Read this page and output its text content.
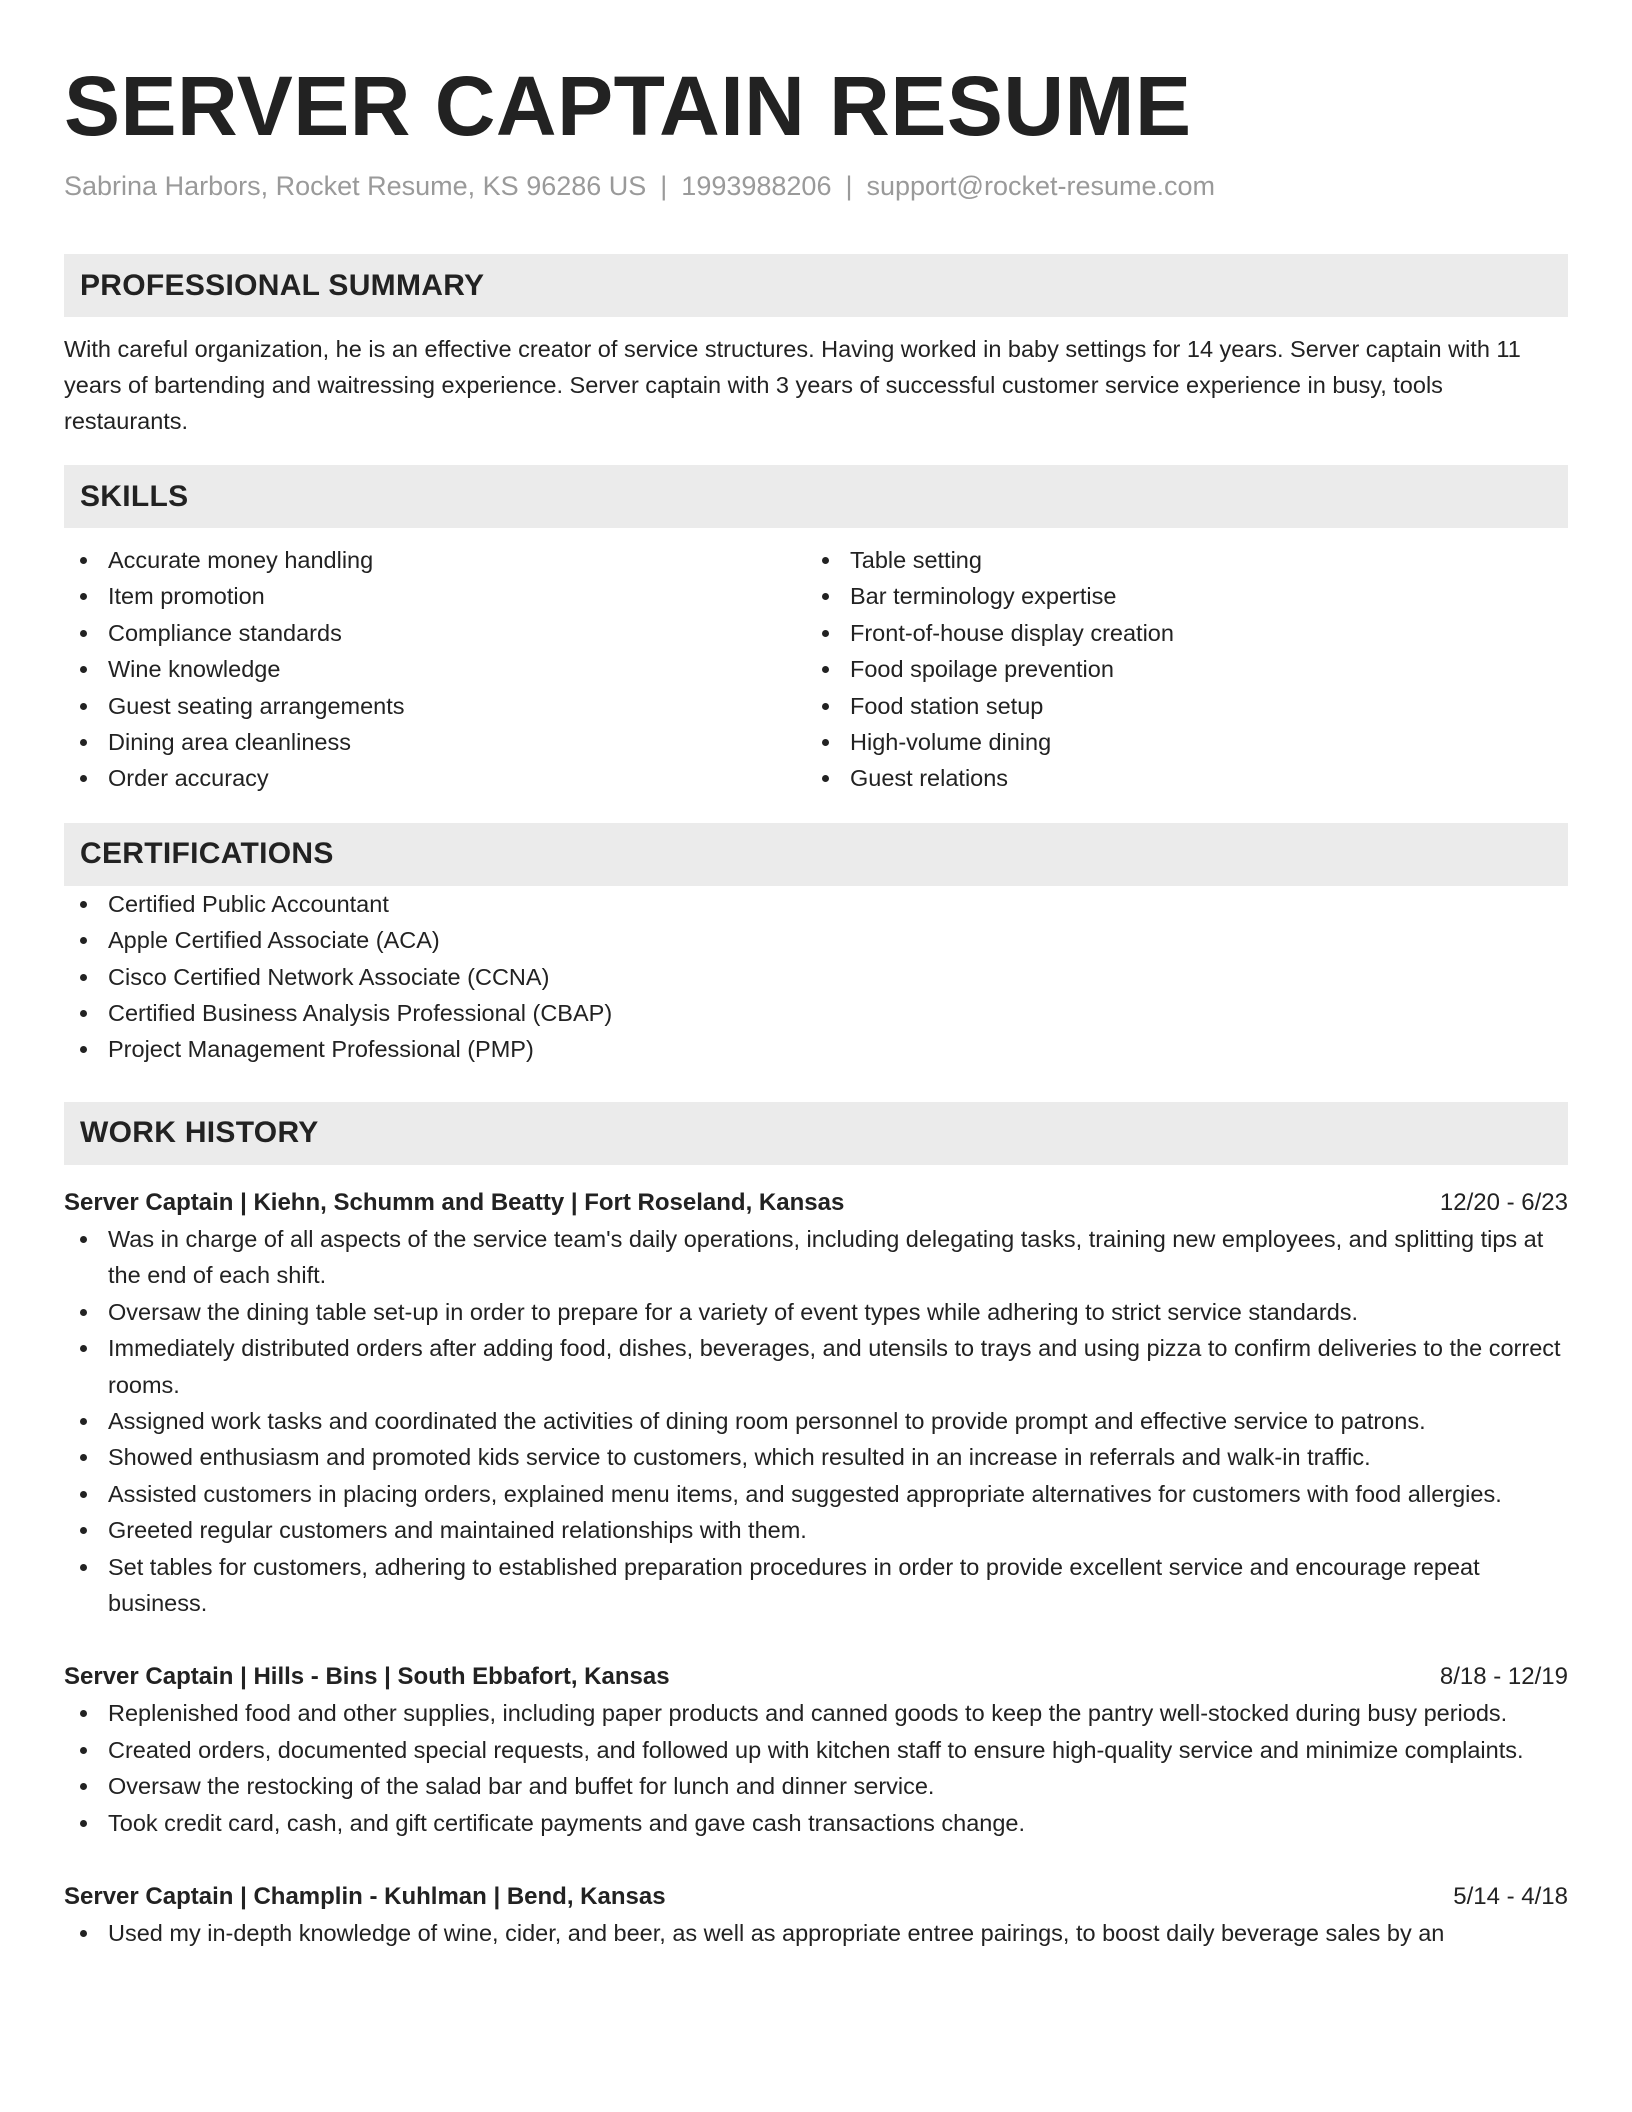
SERVER CAPTAIN RESUME
Sabrina Harbors, Rocket Resume, KS 96286 US | 1993988206 | support@rocket-resume.com
PROFESSIONAL SUMMARY

With careful organization, he is an effective creator of service structures. Having worked in baby settings for 14 years. Server captain with 11 years of bartending and waitressing experience. Server captain with 3 years of successful customer service experience in busy, tools restaurants.

SKILLS
Accurate money handling
Item promotion
Compliance standards
Wine knowledge
Guest seating arrangements
Dining area cleanliness
Order accuracy
Table setting
Bar terminology expertise
Front-of-house display creation
Food spoilage prevention
Food station setup
High-volume dining
Guest relations
CERTIFICATIONS
Certified Public Accountant
Apple Certified Associate (ACA)
Cisco Certified Network Associate (CCNA)
Certified Business Analysis Professional (CBAP)
Project Management Professional (PMP)
WORK HISTORY
Server Captain | Kiehn, Schumm and Beatty | Fort Roseland, Kansas	12/20 - 6/23
Was in charge of all aspects of the service team's daily operations, including delegating tasks, training new employees, and splitting tips at the end of each shift.
Oversaw the dining table set-up in order to prepare for a variety of event types while adhering to strict service standards.
Immediately distributed orders after adding food, dishes, beverages, and utensils to trays and using pizza to confirm deliveries to the correct rooms.
Assigned work tasks and coordinated the activities of dining room personnel to provide prompt and effective service to patrons.
Showed enthusiasm and promoted kids service to customers, which resulted in an increase in referrals and walk-in traffic.
Assisted customers in placing orders, explained menu items, and suggested appropriate alternatives for customers with food allergies.
Greeted regular customers and maintained relationships with them.
Set tables for customers, adhering to established preparation procedures in order to provide excellent service and encourage repeat business.
Server Captain | Hills - Bins | South Ebbafort, Kansas	8/18 - 12/19
Replenished food and other supplies, including paper products and canned goods to keep the pantry well-stocked during busy periods.
Created orders, documented special requests, and followed up with kitchen staff to ensure high-quality service and minimize complaints.
Oversaw the restocking of the salad bar and buffet for lunch and dinner service.
Took credit card, cash, and gift certificate payments and gave cash transactions change.
Server Captain | Champlin - Kuhlman | Bend, Kansas	5/14 - 4/18
Used my in-depth knowledge of wine, cider, and beer, as well as appropriate entree pairings, to boost daily beverage sales by an
